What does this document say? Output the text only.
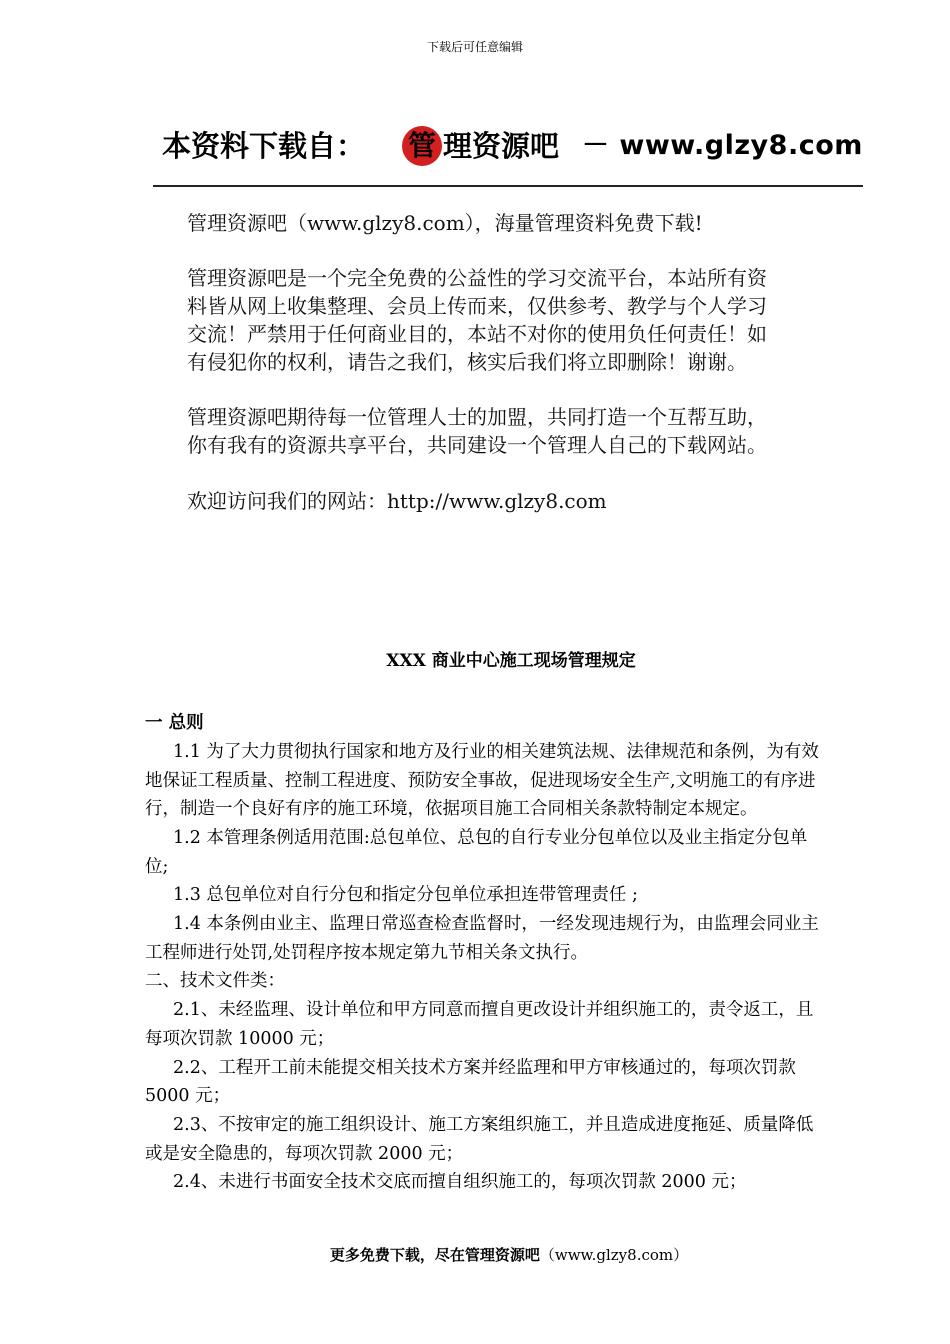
下载后可任意编辑
本资料下载自： 管 理资源吧 － www.glzy8.com
管理资源吧（www.glzy8.com），海量管理资料免费下载!
管理资源吧是一个完全免费的公益性的学习交流平台，本站所有资
料皆从网上收集整理、会员上传而来，仅供参考、教学与个人学习
交流！严禁用于任何商业目的，本站不对你的使用负任何责任！如
有侵犯你的权利，请告之我们，核实后我们将立即删除！谢谢。
管理资源吧期待每一位管理人士的加盟，共同打造一个互帮互助，
你有我有的资源共享平台，共同建设一个管理人自己的下载网站。
欢迎访问我们的网站：http://www.glzy8.com
XXX 商业中心施工现场管理规定
一 总则
1.1 为了大力贯彻执行国家和地方及行业的相关建筑法规、法律规范和条例，为有效
地保证工程质量、控制工程进度、预防安全事故，促进现场安全生产,文明施工的有序进
行，制造一个良好有序的施工环境，依据项目施工合同相关条款特制定本规定。
1.2 本管理条例适用范围:总包单位、总包的自行专业分包单位以及业主指定分包单
位;
1.3 总包单位对自行分包和指定分包单位承担连带管理责任 ;
1.4 本条例由业主、监理日常巡查检查监督时，一经发现违规行为，由监理会同业主
工程师进行处罚,处罚程序按本规定第九节相关条文执行。
二、技术文件类：
2.1、未经监理、设计单位和甲方同意而擅自更改设计并组织施工的，责令返工，且
每项次罚款 10000 元；
2.2、工程开工前未能提交相关技术方案并经监理和甲方审核通过的，每项次罚款
5000 元；
2.3、不按审定的施工组织设计、施工方案组织施工，并且造成进度拖延、质量降低
或是安全隐患的，每项次罚款 2000 元；
2.4、未进行书面安全技术交底而擅自组织施工的，每项次罚款 2000 元；
更多免费下载，尽在管理资源吧（www.glzy8.com）
